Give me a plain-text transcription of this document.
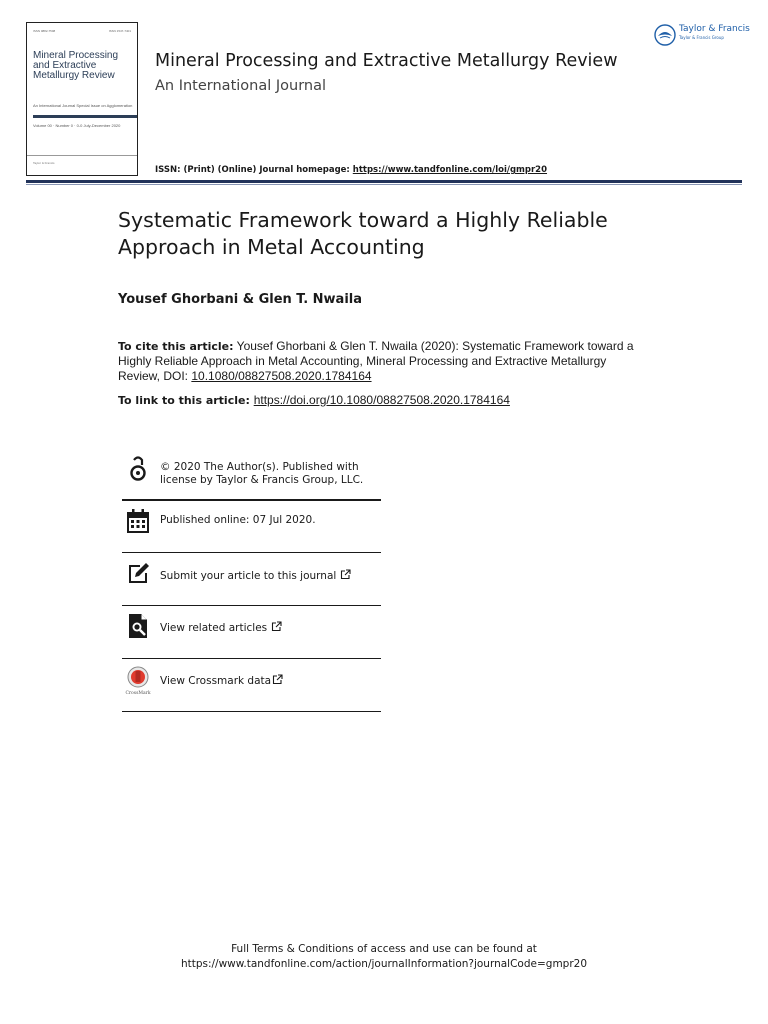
ISSN 0882-7508	ISSN 1547-7401
Mineral Processing and Extractive Metallurgy Review
An International Journal Special Issue on Agglomeration
Volume 00 · Number 0 · 0-0 July-December 2020
Taylor & Francis
Mineral Processing and Extractive Metallurgy Review
An International Journal
ISSN: (Print) (Online) Journal homepage: https://www.tandfonline.com/loi/gmpr20
Taylor & Francis
Taylor & Francis Group
Systematic Framework toward a Highly Reliable Approach in Metal Accounting
Yousef Ghorbani & Glen T. Nwaila
To cite this article: Yousef Ghorbani & Glen T. Nwaila (2020): Systematic Framework toward a Highly Reliable Approach in Metal Accounting, Mineral Processing and Extractive Metallurgy Review, DOI: 10.1080/08827508.2020.1784164
To link to this article: https://doi.org/10.1080/08827508.2020.1784164
© 2020 The Author(s). Published with
license by Taylor & Francis Group, LLC.
Published online: 07 Jul 2020.
Submit your article to this journal
View related articles
CrossMark
View Crossmark data
Full Terms & Conditions of access and use can be found at
https://www.tandfonline.com/action/journalInformation?journalCode=gmpr20
